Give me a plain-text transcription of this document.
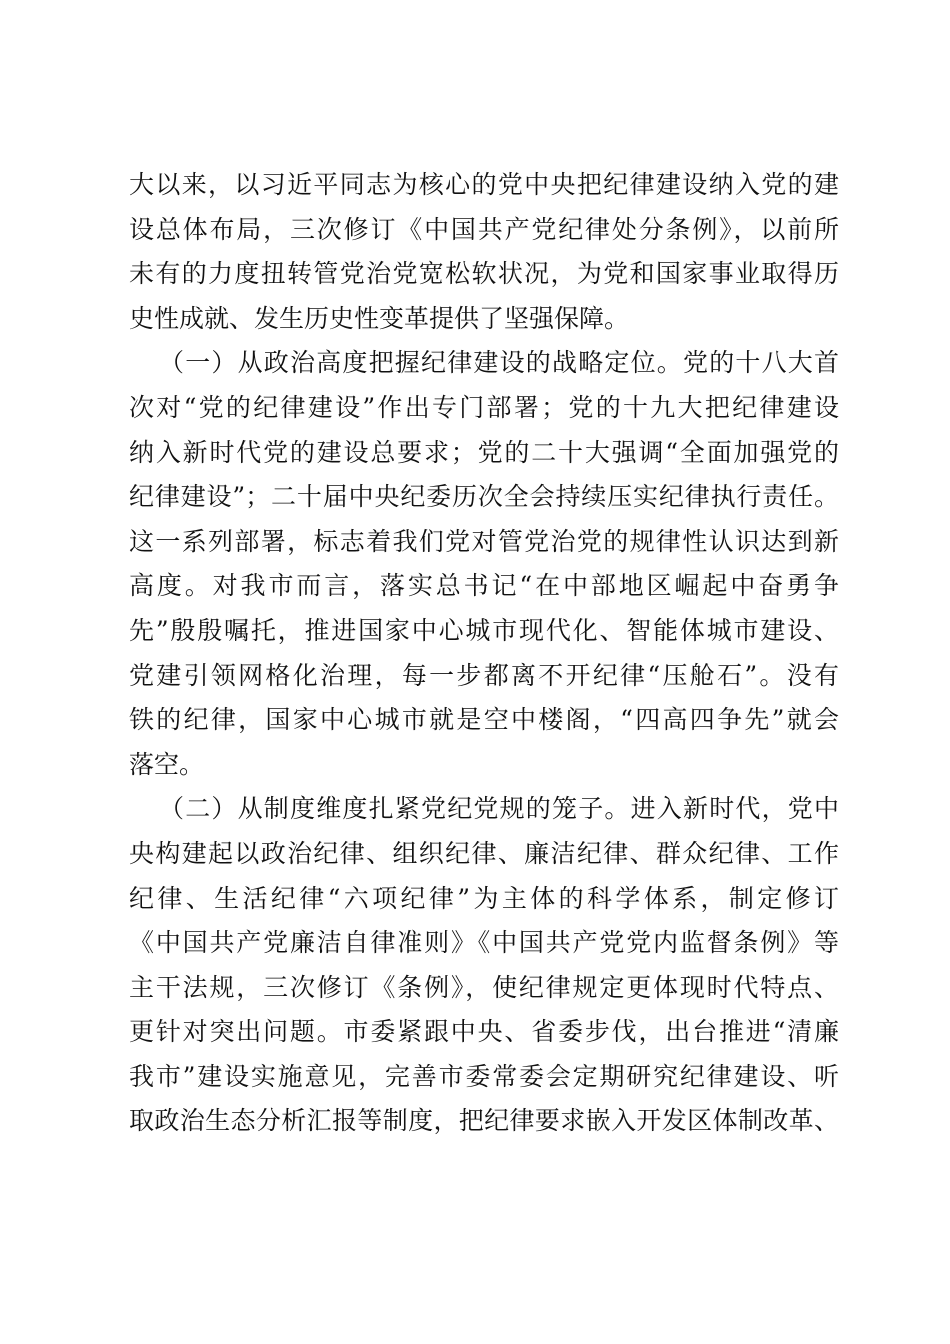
大以来，以习近平同志为核心的党中央把纪律建设纳入党的建
设总体布局，三次修订《中国共产党纪律处分条例》，以前所
未有的力度扭转管党治党宽松软状况，为党和国家事业取得历
史性成就、发生历史性变革提供了坚强保障。
（一）从政治高度把握纪律建设的战略定位。党的十八大首
次对“党的纪律建设”作出专门部署；党的十九大把纪律建设
纳入新时代党的建设总要求；党的二十大强调“全面加强党的
纪律建设”；二十届中央纪委历次全会持续压实纪律执行责任。
这一系列部署，标志着我们党对管党治党的规律性认识达到新
高度。对我市而言，落实总书记“在中部地区崛起中奋勇争
先”殷殷嘱托，推进国家中心城市现代化、智能体城市建设、
党建引领网格化治理，每一步都离不开纪律“压舱石”。没有
铁的纪律，国家中心城市就是空中楼阁，“四高四争先”就会
落空。
（二）从制度维度扎紧党纪党规的笼子。进入新时代，党中
央构建起以政治纪律、组织纪律、廉洁纪律、群众纪律、工作
纪律、生活纪律“六项纪律”为主体的科学体系，制定修订
《中国共产党廉洁自律准则》《中国共产党党内监督条例》等
主干法规，三次修订《条例》，使纪律规定更体现时代特点、
更针对突出问题。市委紧跟中央、省委步伐，出台推进“清廉
我市”建设实施意见，完善市委常委会定期研究纪律建设、听
取政治生态分析汇报等制度，把纪律要求嵌入开发区体制改革、
